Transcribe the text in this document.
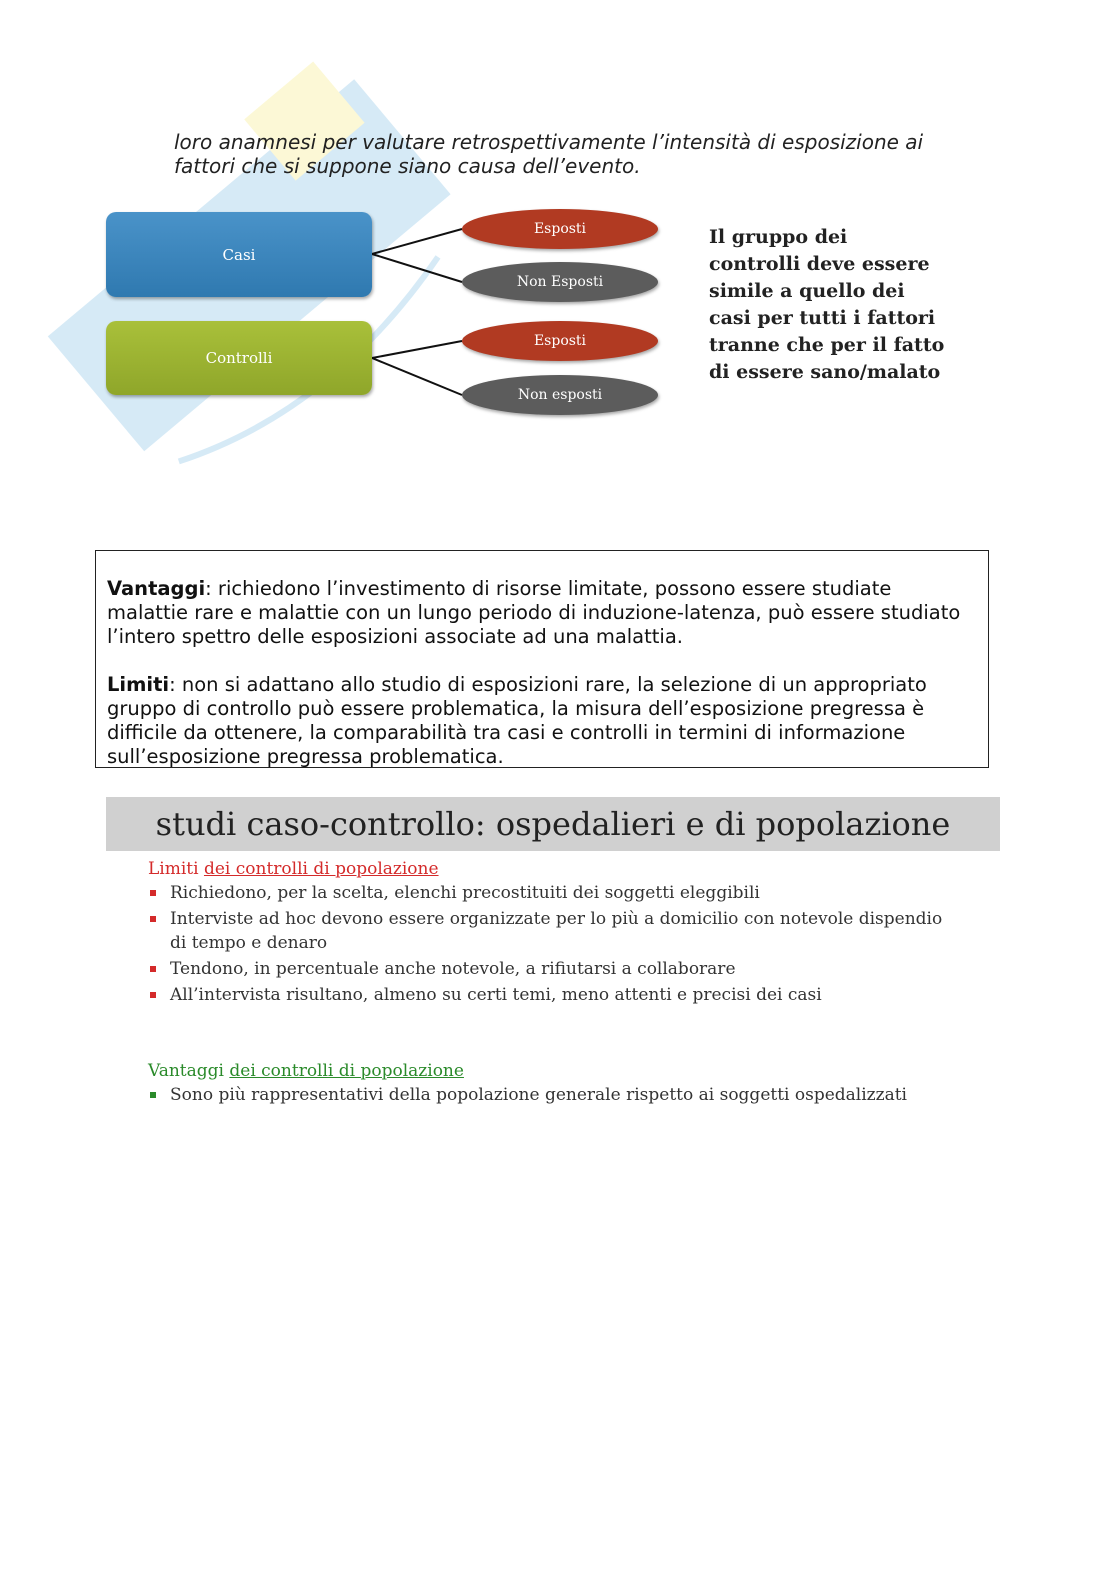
loro anamnesi per valutare retrospettivamente l’intensità di esposizione ai

fattori che si suppone siano causa dell’evento.

Casi
Controlli
Esposti
Non Esposti
Esposti
Non esposti

Il gruppo dei

controlli deve essere

simile a quello dei

casi per tutti i fattori

tranne che per il fatto

di essere sano/malato

Vantaggi: richiedono l’investimento di risorse limitate, possono essere studiate malattie rare e malattie con un lungo periodo di induzione-latenza, può essere studiato l’intero spettro delle esposizioni associate ad una malattia.

Limiti: non si adattano allo studio di esposizioni rare, la selezione di un appropriato gruppo di controllo può essere problematica, la misura dell’esposizione pregressa è difficile da ottenere, la comparabilità tra casi e controlli in termini di informazione sull’esposizione pregressa problematica.

studi caso-controllo: ospedalieri e di popolazione

Limiti dei controlli di popolazione

Richiedono, per la scelta, elenchi precostituiti dei soggetti eleggibili
Interviste ad hoc devono essere organizzate per lo più a domicilio con notevole dispendio di tempo e denaro
Tendono, in percentuale anche notevole, a rifiutarsi a collaborare
All’intervista risultano, almeno su certi temi, meno attenti e precisi dei casi

Vantaggi dei controlli di popolazione

Sono più rappresentativi della popolazione generale rispetto ai soggetti ospedalizzati
